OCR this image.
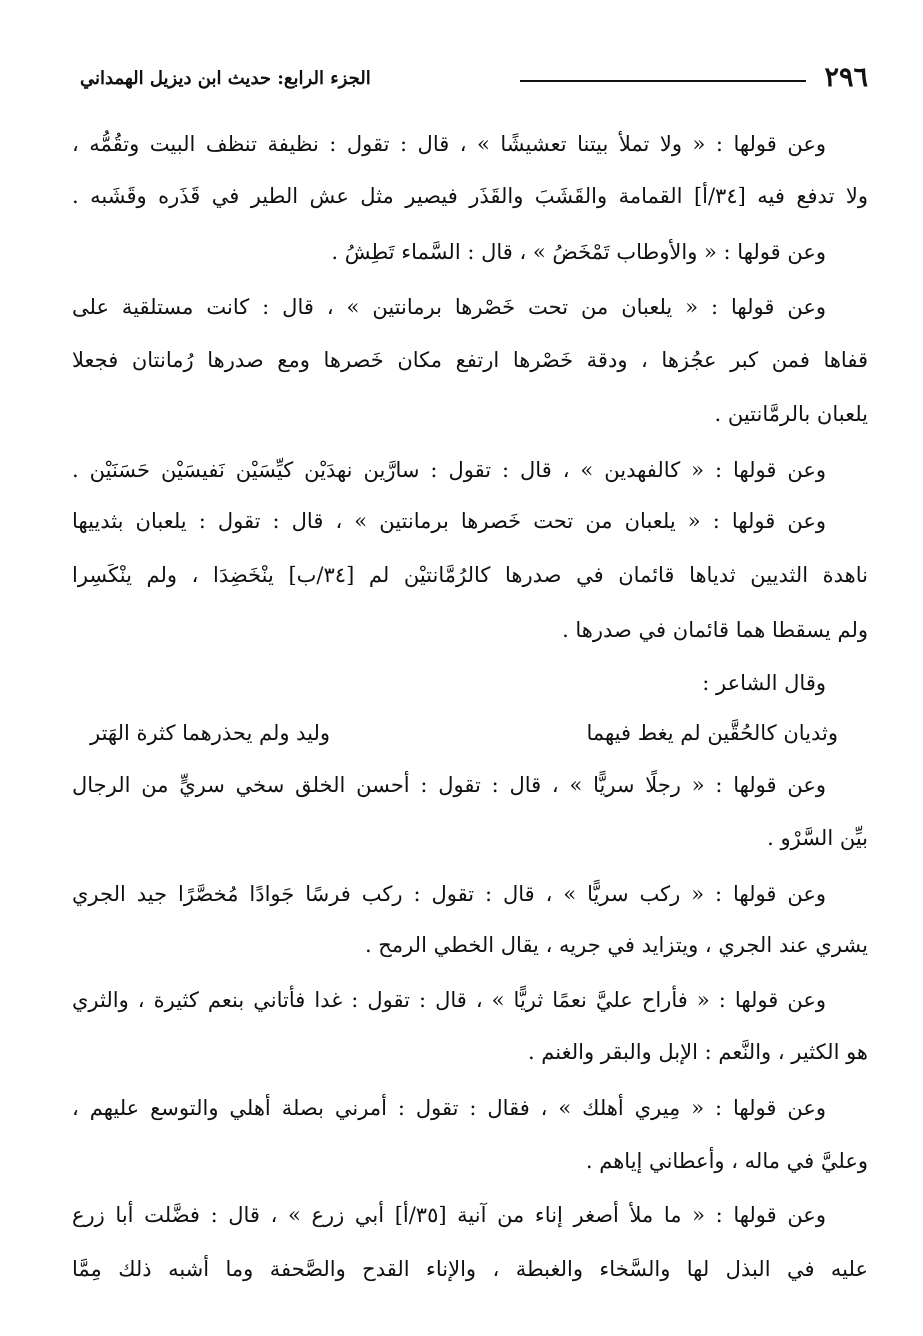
٢٩٦
الجزء الرابع: حديث ابن ديزيل الهمداني
وعن قولها : « ولا تملأ بيتنا تعشيشًا » ، قال : تقول : نظيفة تنظف البيت وتقُمُّه ،
ولا تدفع فيه [٣٤/أ] القمامة والقَشَبَ والقَذَر فيصير مثل عش الطير في قَذَره وقَشَبه .
وعن قولها : « والأوطاب تَمْخَضُ » ، قال : السَّماء تَطِشُ .
وعن قولها : « يلعبان من تحت خَصْرها برمانتين » ، قال : كانت مستلقية على
قفاها فمن كبر عجُزها ، ودقة خَصْرها ارتفع مكان خَصرها ومع صدرها رُمانتان فجعلا
يلعبان بالرمَّانتين .
وعن قولها : « كالفهدين » ، قال : تقول : سارَّين نهدَيْن كيِّسَيْن نَفيسَيْن حَسَنَيْن .
وعن قولها : « يلعبان من تحت خَصرها برمانتين » ، قال : تقول : يلعبان بثدييها
ناهدة الثديين ثدياها قائمان في صدرها كالرُمَّانتيْن لم [٣٤/ب] ينْخَضِدَا ، ولم ينْكَسِرا
ولم يسقطا هما قائمان في صدرها .
وقال الشاعر :
وثديان كالحُقَّين لم يغط فيهما
وليد ولم يحذرهما كثرة الهَتر
وعن قولها : « رجلًا سريًّا » ، قال : تقول : أحسن الخلق سخي سريٍّ من الرجال
بيِّن السَّرْو .
وعن قولها : « ركب سريًّا » ، قال : تقول : ركب فرسًا جَوادًا مُخصَّرًا جيد الجري
يشري عند الجري ، ويتزايد في جريه ، يقال الخطي الرمح .
وعن قولها : « فأراح عليَّ نعمًا ثريًّا » ، قال : تقول : غدا فأتاني بنعم كثيرة ، والثري
هو الكثير ، والنَّعم : الإبل والبقر والغنم .
وعن قولها : « مِيري أهلك » ، فقال : تقول : أمرني بصلة أهلي والتوسع عليهم ،
وعليَّ في ماله ، وأعطاني إياهم .
وعن قولها : « ما ملأ أصغر إناء من آنية [٣٥/أ] أبي زرع » ، قال : فضَّلت أبا زرع
عليه في البذل لها والسَّخاء والغبطة ، والإناء القدح والصَّحفة وما أشبه ذلك مِمَّا
